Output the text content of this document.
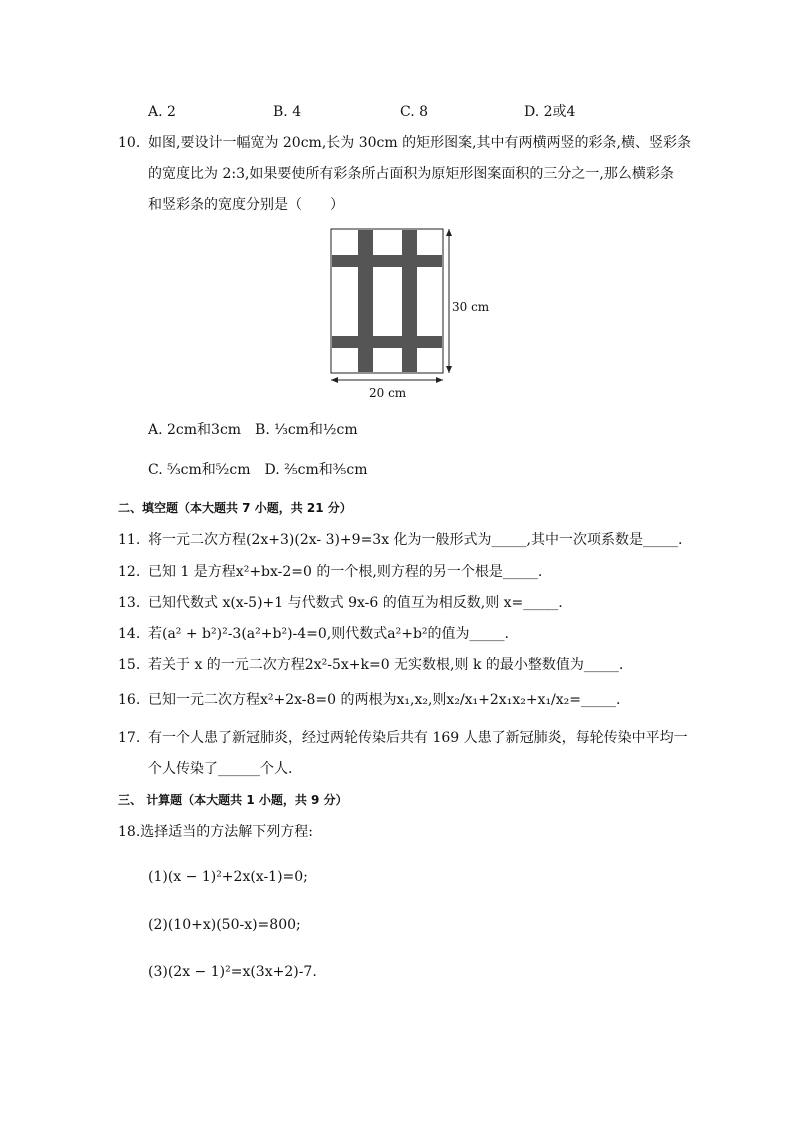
A. 2	B. 4	C. 8	D. 2或4
10. 如图,要设计一幅宽为 20cm,长为 30cm 的矩形图案,其中有两横两竖的彩条,横、竖彩条
的宽度比为 2:3,如果要使所有彩条所占面积为原矩形图案面积的三分之一,那么横彩条
和竖彩条的宽度分别是（　　）
30 cm
20 cm
A. 2cm和3cm　B. ⅓cm和½cm
C. ⁵⁄₃cm和⁵⁄₂cm　D. ⅖cm和⅗cm
二、填空题（本大题共 7 小题，共 21 分）
11. 将一元二次方程(2x+3)(2x- 3)+9=3x 化为一般形式为_____,其中一次项系数是_____.
12. 已知 1 是方程x²+bx-2=0 的一个根,则方程的另一个根是_____.
13. 已知代数式 x(x-5)+1 与代数式 9x-6 的值互为相反数,则 x=_____.
14. 若(a² + b²)²-3(a²+b²)-4=0,则代数式a²+b²的值为_____.
15. 若关于 x 的一元二次方程2x²-5x+k=0 无实数根,则 k 的最小整数值为_____.
16. 已知一元二次方程x²+2x-8=0 的两根为x₁,x₂,则x₂/x₁+2x₁x₂+x₁/x₂=_____.
17. 有一个人患了新冠肺炎，经过两轮传染后共有 169 人患了新冠肺炎，每轮传染中平均一
个人传染了______个人.
三、 计算题（本大题共 1 小题，共 9 分）
18.选择适当的方法解下列方程:
(1)(x − 1)²+2x(x-1)=0;
(2)(10+x)(50-x)=800;
(3)(2x − 1)²=x(3x+2)-7.
